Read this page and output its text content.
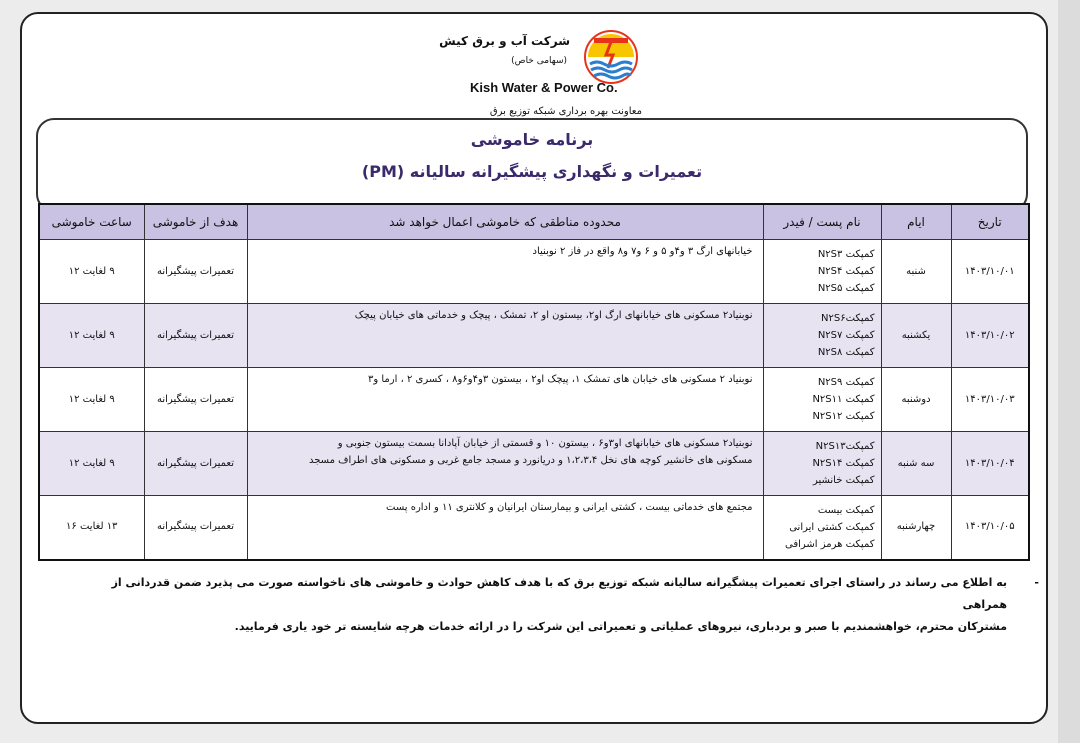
شرکت آب و برق کیش
(سهامی خاص)
Kish Water & Power Co.
معاونت بهره برداری شبکه توزیع برق
برنامه خاموشی
تعمیرات و نگهداری پیشگیرانه سالیانه (PM)
تاریخ	ایام	نام پست / فیدر	محدوده مناطقی که خاموشی اعمال خواهد شد	هدف از خاموشی	ساعت خاموشی
۱۴۰۳/۱۰/۰۱	شنبه	کمپکت N۲S۳
کمپکت N۲S۴
کمپکت N۲S۵	خیابانهای ارگ ۳ و۴و ۵ و ۶ و۷ و۸ واقع در فاز ۲ نوبنیاد	تعمیرات پیشگیرانه	۹ لغایت ۱۲
۱۴۰۳/۱۰/۰۲	یکشنبه	کمپکتN۲S۶
کمپکت N۲S۷
کمپکت N۲S۸	نوبنیاد۲ مسکونی های خیابانهای ارگ او۲، بیستون او ۲، تمشک ، پیچک و خدماتی های خیابان پیچک	تعمیرات پیشگیرانه	۹ لغایت ۱۲
۱۴۰۳/۱۰/۰۳	دوشنبه	کمپکت N۲S۹
کمپکت N۲S۱۱
کمپکت N۲S۱۲	نوبنیاد ۲ مسکونی های خیابان های تمشک ۱، پیچک او۲ ، بیستون ۳و۴و۶و۸ ، کسری ۲ ، ارما و۳	تعمیرات پیشگیرانه	۹ لغایت ۱۲
۱۴۰۳/۱۰/۰۴	سه شنبه	کمپکتN۲S۱۳
کمپکت N۲S۱۴
کمپکت خانشیر	نوبنیاد۲ مسکونی های خیابانهای او۳و۶ ، بیستون ۱۰ و قسمتی از خیابان آپادانا بسمت بیستون جنوبی و
مسکونی های خانشیر کوچه های نخل ۱،۲،۳،۴ و دریانورد و مسجد جامع غربی و مسکونی های اطراف مسجد	تعمیرات پیشگیرانه	۹ لغایت ۱۲
۱۴۰۳/۱۰/۰۵	چهارشنبه	کمپکت بیست
کمپکت کشتی ایرانی
کمپکت هرمز اشرافی	مجتمع های خدماتی بیست ، کشتی ایرانی و بیمارستان ایرانیان و کلانتری ۱۱ و اداره پست	تعمیرات پیشگیرانه	۱۳ لغایت ۱۶
-
به اطلاع می رساند در راستای اجرای تعمیرات پیشگیرانه سالیانه شبکه توزیع برق که با هدف کاهش حوادث و خاموشی های ناخواسته صورت می پذیرد ضمن قدردانی از همراهی
مشترکان محترم، خواهشمندیم با صبر و بردباری، نیروهای عملیاتی و تعمیراتی این شرکت را در ارائه خدمات هرچه شایسته تر خود یاری فرمایید.
